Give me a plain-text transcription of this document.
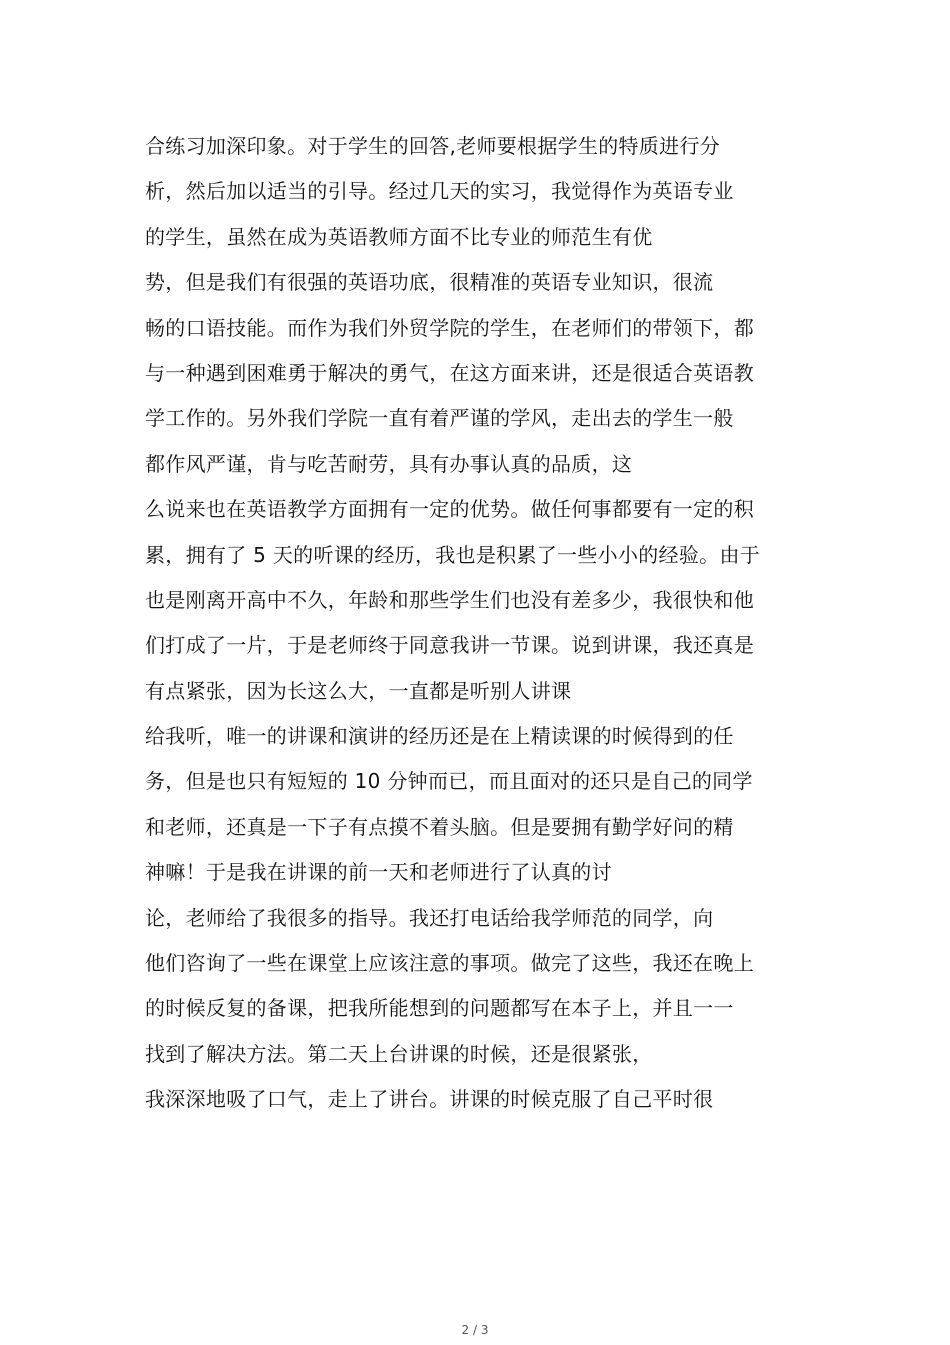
合练习加深印象。对于学生的回答,老师要根据学生的特质进行分
析，然后加以适当的引导。经过几天的实习，我觉得作为英语专业
的学生，虽然在成为英语教师方面不比专业的师范生有优
势，但是我们有很强的英语功底，很精准的英语专业知识，很流
畅的口语技能。而作为我们外贸学院的学生，在老师们的带领下，都
与一种遇到困难勇于解决的勇气，在这方面来讲，还是很适合英语教
学工作的。另外我们学院一直有着严谨的学风，走出去的学生一般
都作风严谨，肯与吃苦耐劳，具有办事认真的品质，这
么说来也在英语教学方面拥有一定的优势。做任何事都要有一定的积
累，拥有了 5 天的听课的经历，我也是积累了一些小小的经验。由于
也是刚离开高中不久，年龄和那些学生们也没有差多少，我很快和他
们打成了一片，于是老师终于同意我讲一节课。说到讲课，我还真是
有点紧张，因为长这么大，一直都是听别人讲课
给我听，唯一的讲课和演讲的经历还是在上精读课的时候得到的任
务，但是也只有短短的 10 分钟而已，而且面对的还只是自己的同学
和老师，还真是一下子有点摸不着头脑。但是要拥有勤学好问的精
神嘛！于是我在讲课的前一天和老师进行了认真的讨
论，老师给了我很多的指导。我还打电话给我学师范的同学，向
他们咨询了一些在课堂上应该注意的事项。做完了这些，我还在晚上
的时候反复的备课，把我所能想到的问题都写在本子上，并且一一
找到了解决方法。第二天上台讲课的时候，还是很紧张，
我深深地吸了口气，走上了讲台。讲课的时候克服了自己平时很
2 / 3
